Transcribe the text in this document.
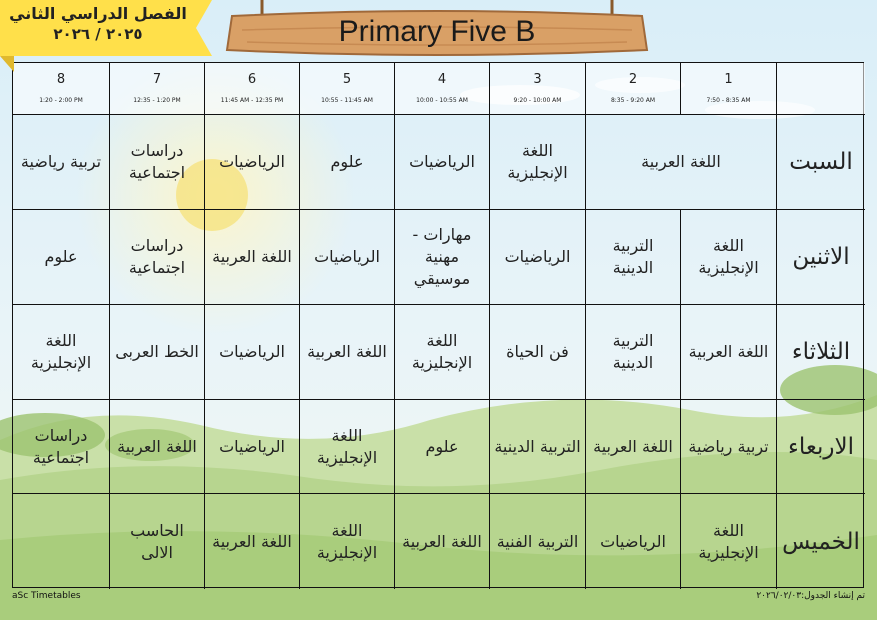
الفصل الدراسي الثاني
٢٠٢٥ / ٢٠٢٦	Primary Five B
1
7:50 - 8:35 AM
2
8:35 - 9:20 AM
3
9:20 - 10:00 AM
4
10:00 - 10:55 AM
5
10:55 - 11:45 AM
6
11:45 AM - 12:35 PM
7
12:35 - 1:20 PM
8
1:20 - 2:00 PM
السبت
اللغة العربية
اللغة الإنجليزية
الرياضيات
علوم
الرياضيات
دراسات اجتماعية
تربية رياضية
الاثنين
اللغة الإنجليزية
التربية الدينية
الرياضيات
مهارات - مهنية موسيقي
الرياضيات
اللغة العربية
دراسات اجتماعية
علوم
الثلاثاء
اللغة العربية
التربية الدينية
فن الحياة
اللغة الإنجليزية
اللغة العربية
الرياضيات
الخط العربى
اللغة الإنجليزية
الاربعاء
تربية رياضية
اللغة العربية
التربية الدينية
علوم
اللغة الإنجليزية
الرياضيات
اللغة العربية
دراسات اجتماعية
الخميس
اللغة الإنجليزية
الرياضيات
التربية الفنية
اللغة العربية
اللغة الإنجليزية
اللغة العربية
الحاسب الالى
aSc Timetables	تم إنشاء الجدول:٢٠٢٦/٠٢/٠٣
